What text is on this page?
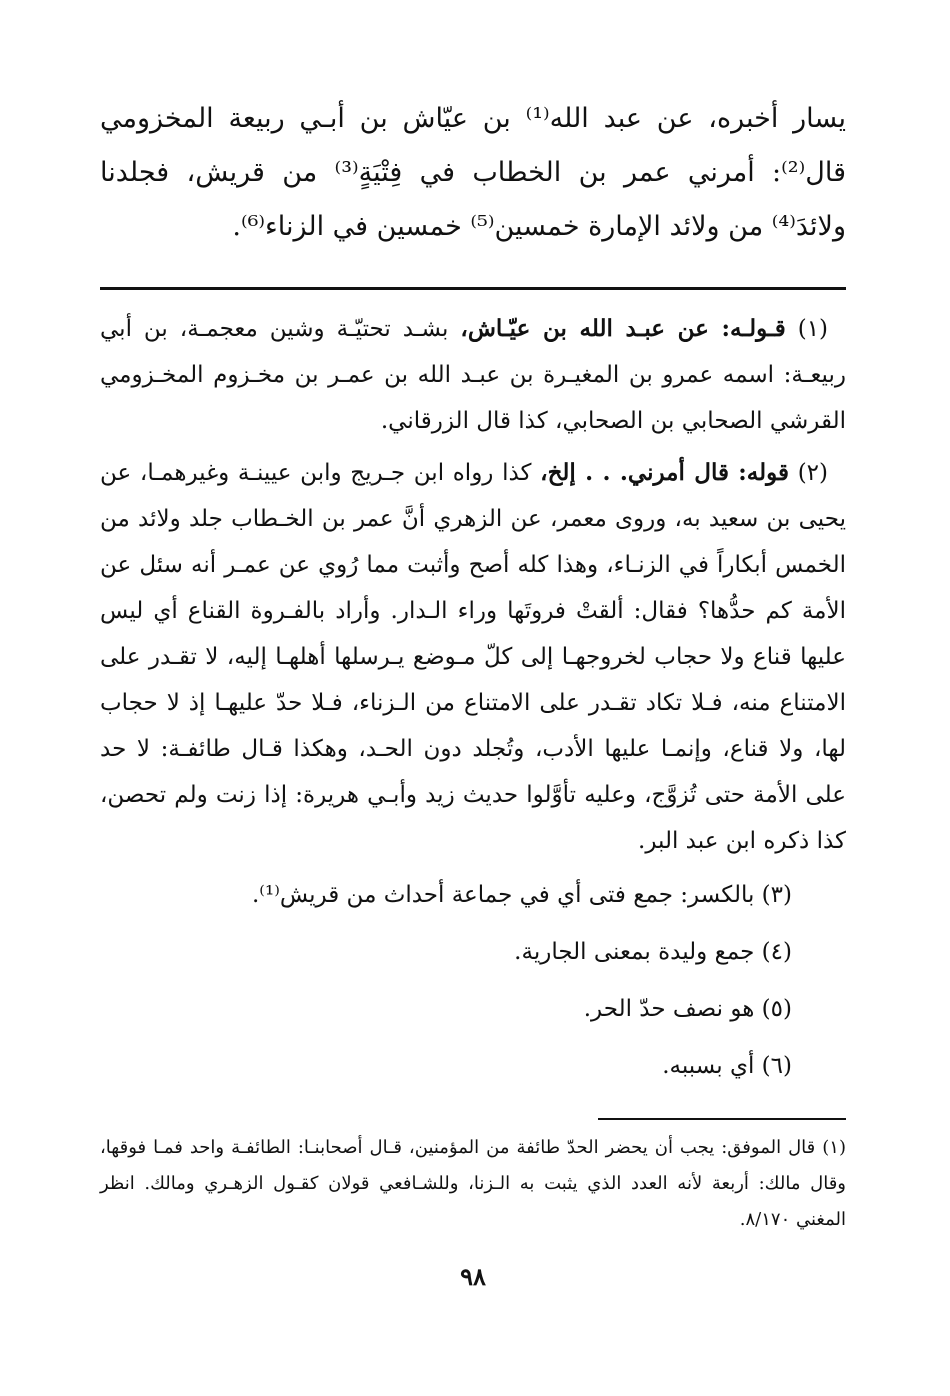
يسار أخبره، عن عبد الله⁽¹⁾ بن عيّاش بن أبـي ربيعة المخزومي قال⁽²⁾: أمرني عمر بن الخطاب في فِتْيَةٍ⁽³⁾ من قريش، فجلدنا ولائدَ⁽⁴⁾ من ولائد الإمارة خمسين⁽⁵⁾ خمسين في الزناء⁽⁶⁾.

(١) قـولـه: عن عبـد الله بن عيّـاش، بشـد تحتيّـة وشين معجمـة، بن أبي ربيعـة: اسمه عمرو بن المغيـرة بن عبـد الله بن عمـر بن مخـزوم المخـزومي القرشي الصحابي بن الصحابي، كذا قال الزرقاني.

(٢) قوله: قال أمرني. . . إلخ، كذا رواه ابن جـريج وابن عيينـة وغيرهمـا، عن يحيى بن سعيد به، وروى معمر، عن الزهري أنَّ عمر بن الخـطاب جلد ولائد من الخمس أبكاراً في الزنـاء، وهذا كله أصح وأثبت مما رُوي عن عمـر أنه سئل عن الأمة كم حدُّها؟ فقال: ألقتْ فروتَها وراء الـدار. وأراد بالفـروة القناع أي ليس عليها قناع ولا حجاب لخروجهـا إلى كلّ مـوضع يـرسلها أهلهـا إليه، لا تقـدر على الامتناع منه، فـلا تكاد تقـدر على الامتناع من الـزناء، فـلا حدّ عليهـا إذ لا حجاب لها، ولا قناع، وإنمـا عليها الأدب، وتُجلد دون الحـد، وهكذا قـال طائفـة: لا حد على الأمة حتى تُزوَّج، وعليه تأوَّلوا حديث زيد وأبـي هريرة: إذا زنت ولم تحصن، كذا ذكره ابن عبد البر.

(٣) بالكسر: جمع فتى أي في جماعة أحداث من قريش⁽¹⁾.

(٤) جمع وليدة بمعنى الجارية.

(٥) هو نصف حدّ الحر.

(٦) أي بسببه.

(١) قال الموفق: يجب أن يحضر الحدّ طائفة من المؤمنين، قـال أصحابنـا: الطائفـة واحد فمـا فوقها، وقال مالك: أربعة لأنه العدد الذي يثبت به الـزنا، وللشـافعي قولان كقـول الزهـري ومالك. انظر المغني ٨/١٧٠.

٩٨
